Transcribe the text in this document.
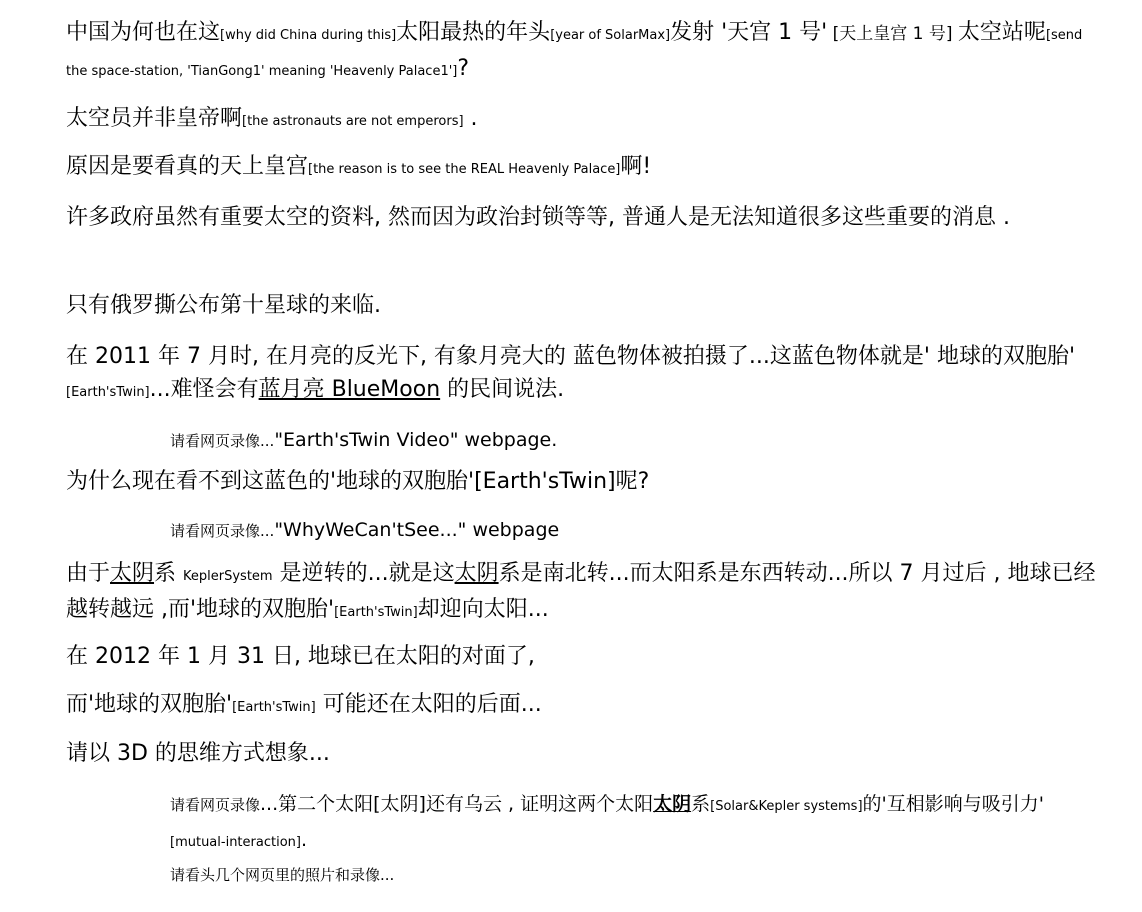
中国为何也在这[why did China during this]太阳最热的年头[year of SolarMax]发射 '天宫 1 号' [天上皇宫 1 号] 太空站呢[send the space-station, 'TianGong1' meaning 'Heavenly Palace1']?

太空员并非皇帝啊[the astronauts are not emperors] .

原因是要看真的天上皇宫[the reason is to see the REAL Heavenly Palace]啊!

许多政府虽然有重要太空的资料, 然而因为政治封锁等等, 普通人是无法知道很多这些重要的消息 .

只有俄罗撕公布第十星球的来临.

在 2011 年 7 月时, 在月亮的反光下, 有象月亮大的 蓝色物体被拍摄了...这蓝色物体就是' 地球的双胞胎' [Earth'sTwin]...难怪会有蓝月亮 BlueMoon 的民间说法.

请看网页录像..."Earth'sTwin Video" webpage.

为什么现在看不到这蓝色的'地球的双胞胎'[Earth'sTwin]呢?

请看网页录像..."WhyWeCan'tSee..." webpage

由于太阴系 KeplerSystem 是逆转的...就是这太阴系是南北转...而太阳系是东西转动...所以 7 月过后 , 地球已经越转越远 ,而'地球的双胞胎'[Earth'sTwin]却迎向太阳...

在 2012 年 1 月 31 日, 地球已在太阳的对面了,

而'地球的双胞胎'[Earth'sTwin] 可能还在太阳的后面...

请以 3D 的思维方式想象...

请看网页录像...第二个太阳[太阴]还有乌云 , 证明这两个太阳太阴系[Solar&Kepler systems]的'互相影响与吸引力' [mutual-interaction].

请看头几个网页里的照片和录像...
